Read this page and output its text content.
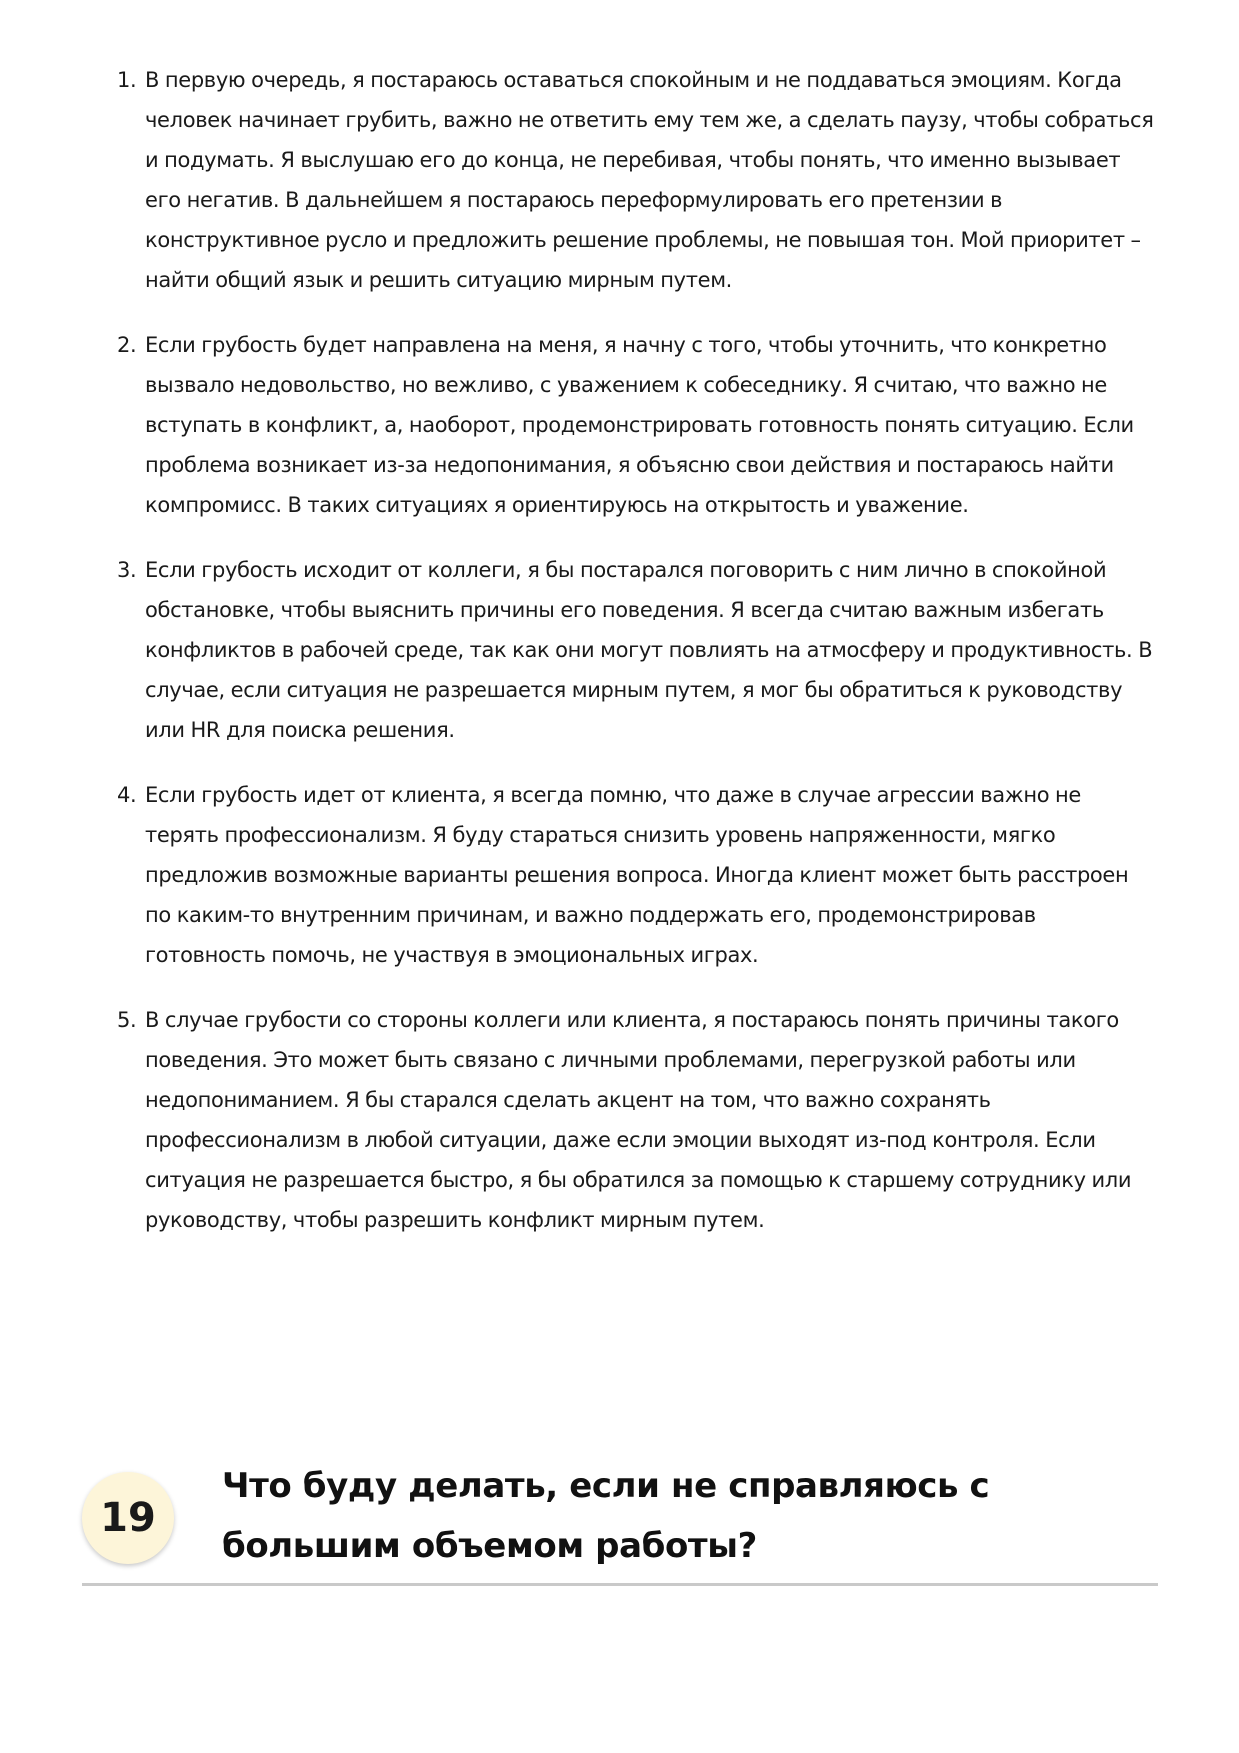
1. В первую очередь, я постараюсь оставаться спокойным и не поддаваться эмоциям. Когда человек начинает грубить, важно не ответить ему тем же, а сделать паузу, чтобы собраться и подумать. Я выслушаю его до конца, не перебивая, чтобы понять, что именно вызывает его негатив. В дальнейшем я постараюсь переформулировать его претензии в конструктивное русло и предложить решение проблемы, не повышая тон. Мой приоритет – найти общий язык и решить ситуацию мирным путем.
2. Если грубость будет направлена на меня, я начну с того, чтобы уточнить, что конкретно вызвало недовольство, но вежливо, с уважением к собеседнику. Я считаю, что важно не вступать в конфликт, а, наоборот, продемонстрировать готовность понять ситуацию. Если проблема возникает из-за недопонимания, я объясню свои действия и постараюсь найти компромисс. В таких ситуациях я ориентируюсь на открытость и уважение.
3. Если грубость исходит от коллеги, я бы постарался поговорить с ним лично в спокойной обстановке, чтобы выяснить причины его поведения. Я всегда считаю важным избегать конфликтов в рабочей среде, так как они могут повлиять на атмосферу и продуктивность. В случае, если ситуация не разрешается мирным путем, я мог бы обратиться к руководству или HR для поиска решения.
4. Если грубость идет от клиента, я всегда помню, что даже в случае агрессии важно не терять профессионализм. Я буду стараться снизить уровень напряженности, мягко предложив возможные варианты решения вопроса. Иногда клиент может быть расстроен по каким-то внутренним причинам, и важно поддержать его, продемонстрировав готовность помочь, не участвуя в эмоциональных играх.
5. В случае грубости со стороны коллеги или клиента, я постараюсь понять причины такого поведения. Это может быть связано с личными проблемами, перегрузкой работы или недопониманием. Я бы старался сделать акцент на том, что важно сохранять профессионализм в любой ситуации, даже если эмоции выходят из-под контроля. Если ситуация не разрешается быстро, я бы обратился за помощью к старшему сотруднику или руководству, чтобы разрешить конфликт мирным путем.
19
Что буду делать, если не справляюсь с большим объемом работы?
